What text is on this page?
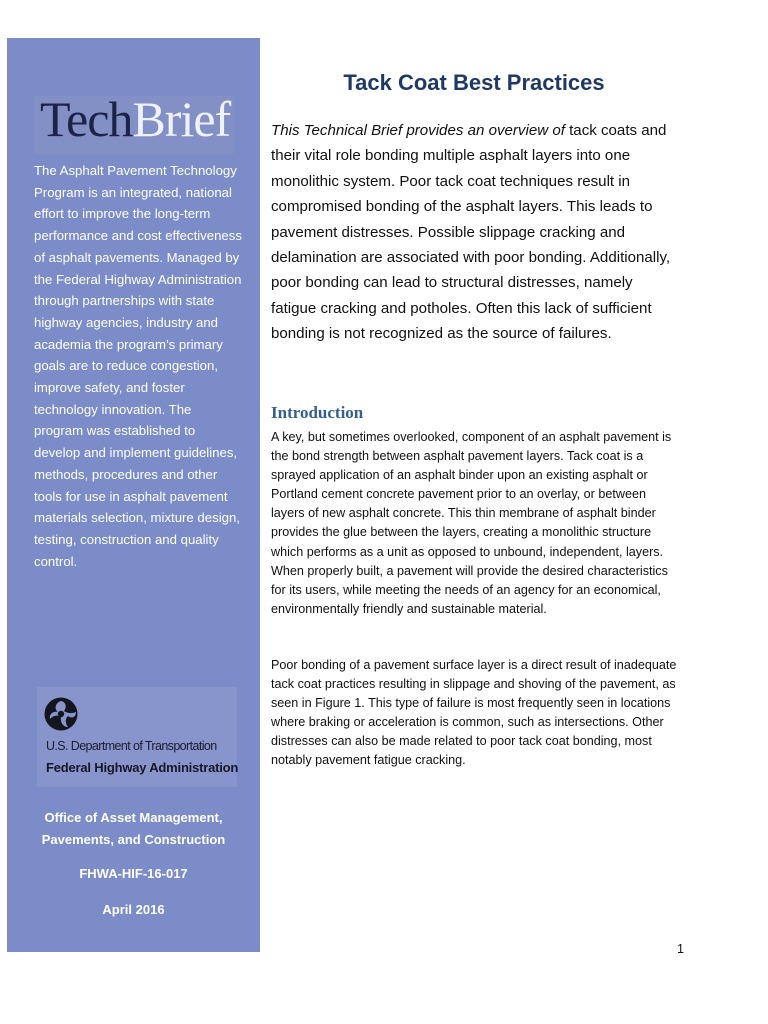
TechBrief
The Asphalt Pavement Technology Program is an integrated, national effort to improve the long-term performance and cost effectiveness of asphalt pavements. Managed by the Federal Highway Administration through partnerships with state highway agencies, industry and academia the program’s primary goals are to reduce congestion, improve safety, and foster technology innovation. The program was established to develop and implement guidelines, methods, procedures and other tools for use in asphalt pavement materials selection, mixture design, testing, construction and quality control.
U.S. Department of Transportation
Federal Highway Administration
Office of Asset Management, Pavements, and Construction
FHWA-HIF-16-017
April 2016
Tack Coat Best Practices
This Technical Brief provides an overview of tack coats and their vital role bonding multiple asphalt layers into one monolithic system. Poor tack coat techniques result in compromised bonding of the asphalt layers. This leads to pavement distresses. Possible slippage cracking and delamination are associated with poor bonding. Additionally, poor bonding can lead to structural distresses, namely fatigue cracking and potholes. Often this lack of sufficient bonding is not recognized as the source of failures.
Introduction

A key, but sometimes overlooked, component of an asphalt pavement is the bond strength between asphalt pavement layers. Tack coat is a sprayed application of an asphalt binder upon an existing asphalt or Portland cement concrete pavement prior to an overlay, or between layers of new asphalt concrete. This thin membrane of asphalt binder provides the glue between the layers, creating a monolithic structure which performs as a unit as opposed to unbound, independent, layers. When properly built, a pavement will provide the desired characteristics for its users, while meeting the needs of an agency for an economical, environmentally friendly and sustainable material.

Poor bonding of a pavement surface layer is a direct result of inadequate tack coat practices resulting in slippage and shoving of the pavement, as seen in Figure 1. This type of failure is most frequently seen in locations where braking or acceleration is common, such as intersections. Other distresses can also be made related to poor tack coat bonding, most notably pavement fatigue cracking.

1
